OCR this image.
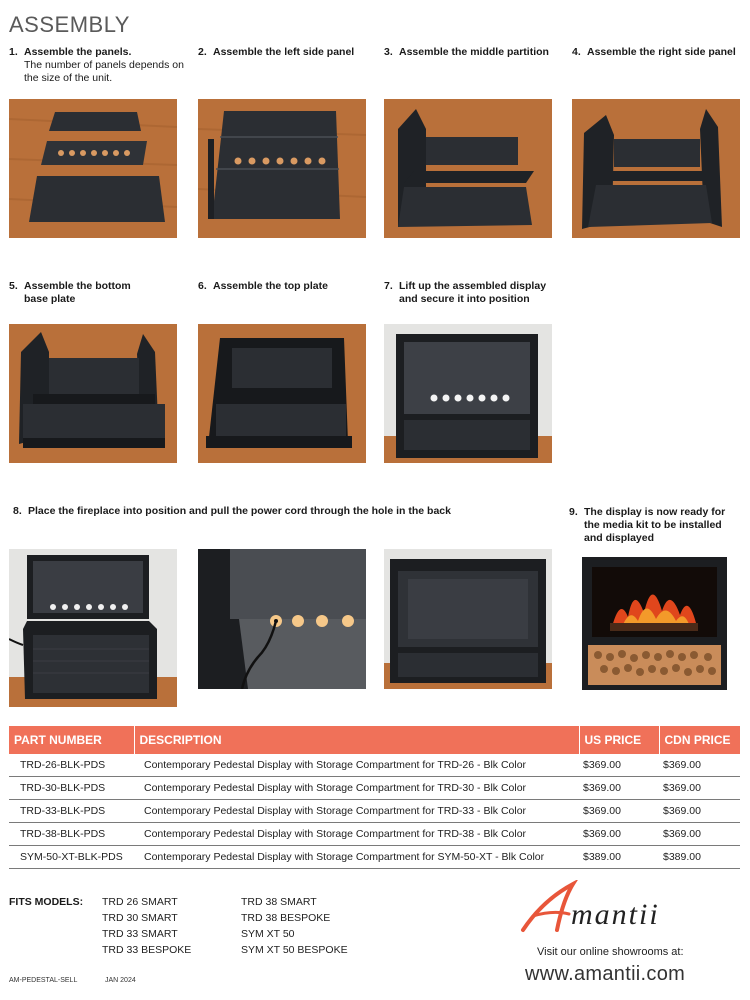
ASSEMBLY
1. Assemble the panels.
The number of panels depends on the size of the unit.
2. Assemble the left side panel	3. Assemble the middle partition	4. Assemble the right side panel
5. Assemble the bottom
base plate
6. Assemble the top plate	7. Lift up the assembled display
and secure it into position
8. Place the fireplace into position and pull the power cord through the hole in the back	9. The display is now ready for
the media kit to be installed
and displayed
PART NUMBER	DESCRIPTION	US PRICE	CDN PRICE
TRD-26-BLK-PDS	Contemporary Pedestal Display with Storage Compartment for TRD-26 - Blk Color	$369.00	$369.00
TRD-30-BLK-PDS	Contemporary Pedestal Display with Storage Compartment for TRD-30 - Blk Color	$369.00	$369.00
TRD-33-BLK-PDS	Contemporary Pedestal Display with Storage Compartment for TRD-33 - Blk Color	$369.00	$369.00
TRD-38-BLK-PDS	Contemporary Pedestal Display with Storage Compartment for TRD-38 - Blk Color	$369.00	$369.00
SYM-50-XT-BLK-PDS	Contemporary Pedestal Display with Storage Compartment for SYM-50-XT - Blk Color	$389.00	$389.00
FITS MODELS: TRD 26 SMART
TRD 30 SMART
TRD 33 SMART
TRD 33 BESPOKE
TRD 38 SMART
TRD 38 BESPOKE
SYM XT 50
SYM XT 50 BESPOKE
mantii
Visit our online showrooms at:
www.amantii.com
AM-PEDESTAL-SELL	JAN 2024
